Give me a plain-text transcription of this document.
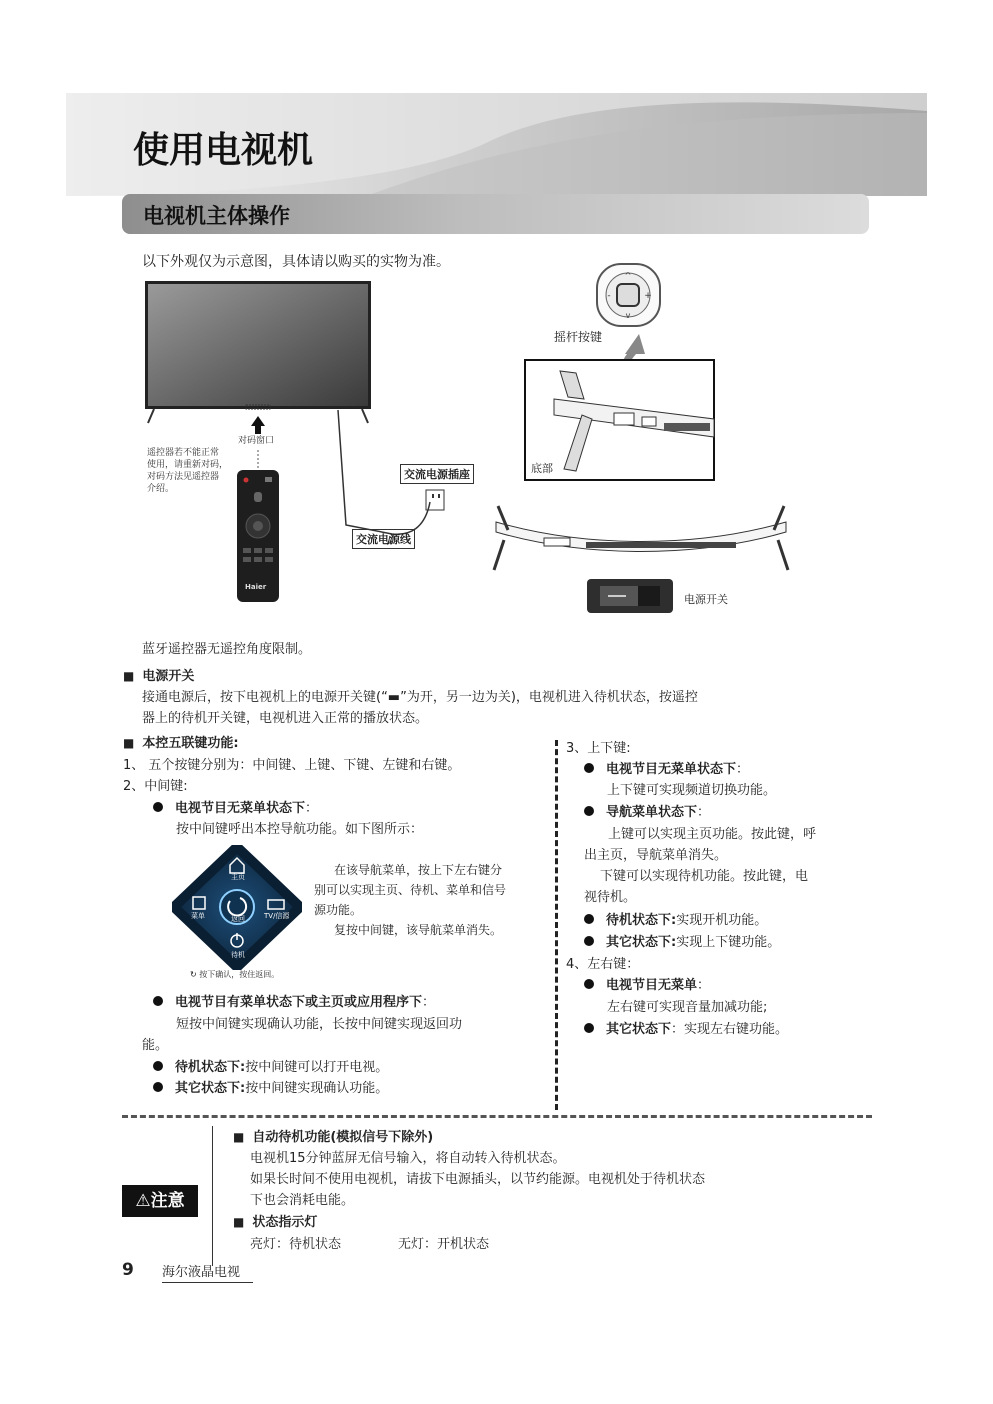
使用电视机
电视机主体操作
以下外观仅为示意图，具体请以购买的实物为准。
对码窗口
遥控器若不能正常
使用，请重新对码，
对码方法见遥控器
介绍。
Haier
交流电源插座
交流电源线
^
v
-	+
摇杆按键
底部
电源开关
蓝牙遥控器无遥控角度限制。
■ 电源开关
接通电源后，按下电视机上的电源开关键(“▬”为开，另一边为关)，电视机进入待机状态，按遥控
器上的待机开关键，电视机进入正常的播放状态。
■ 本控五联键功能:
1、 五个按键分别为：中间键、上键、下键、左键和右键。
2、中间键:
电视节目无菜单状态下：
按中间键呼出本控导航功能。如下图所示：
主页
菜单	返回	TV/信源
待机
↻ 按下确认，按住返回。
在该导航菜单，按上下左右键分
别可以实现主页、待机、菜单和信号
源功能。
复按中间键，该导航菜单消失。
电视节目有菜单状态下或主页或应用程序下：
短按中间键实现确认功能，长按中间键实现返回功
能。
待机状态下:按中间键可以打开电视。
其它状态下:按中间键实现确认功能。
3、上下键:
电视节目无菜单状态下：
上下键可实现频道切换功能。
导航菜单状态下：
上键可以实现主页功能。按此键，呼
出主页，导航菜单消失。
下键可以实现待机功能。按此键，电
视待机。
待机状态下:实现开机功能。
其它状态下:实现上下键功能。
4、左右键：
电视节目无菜单：
左右键可实现音量加减功能;
其它状态下：实现左右键功能。
⚠注意
■ 自动待机功能(模拟信号下除外)
电视机15分钟蓝屏无信号输入，将自动转入待机状态。
如果长时间不使用电视机，请拔下电源插头，以节约能源。电视机处于待机状态
下也会消耗电能。
■ 状态指示灯
亮灯：待机状态	无灯：开机状态
9 海尔液晶电视
